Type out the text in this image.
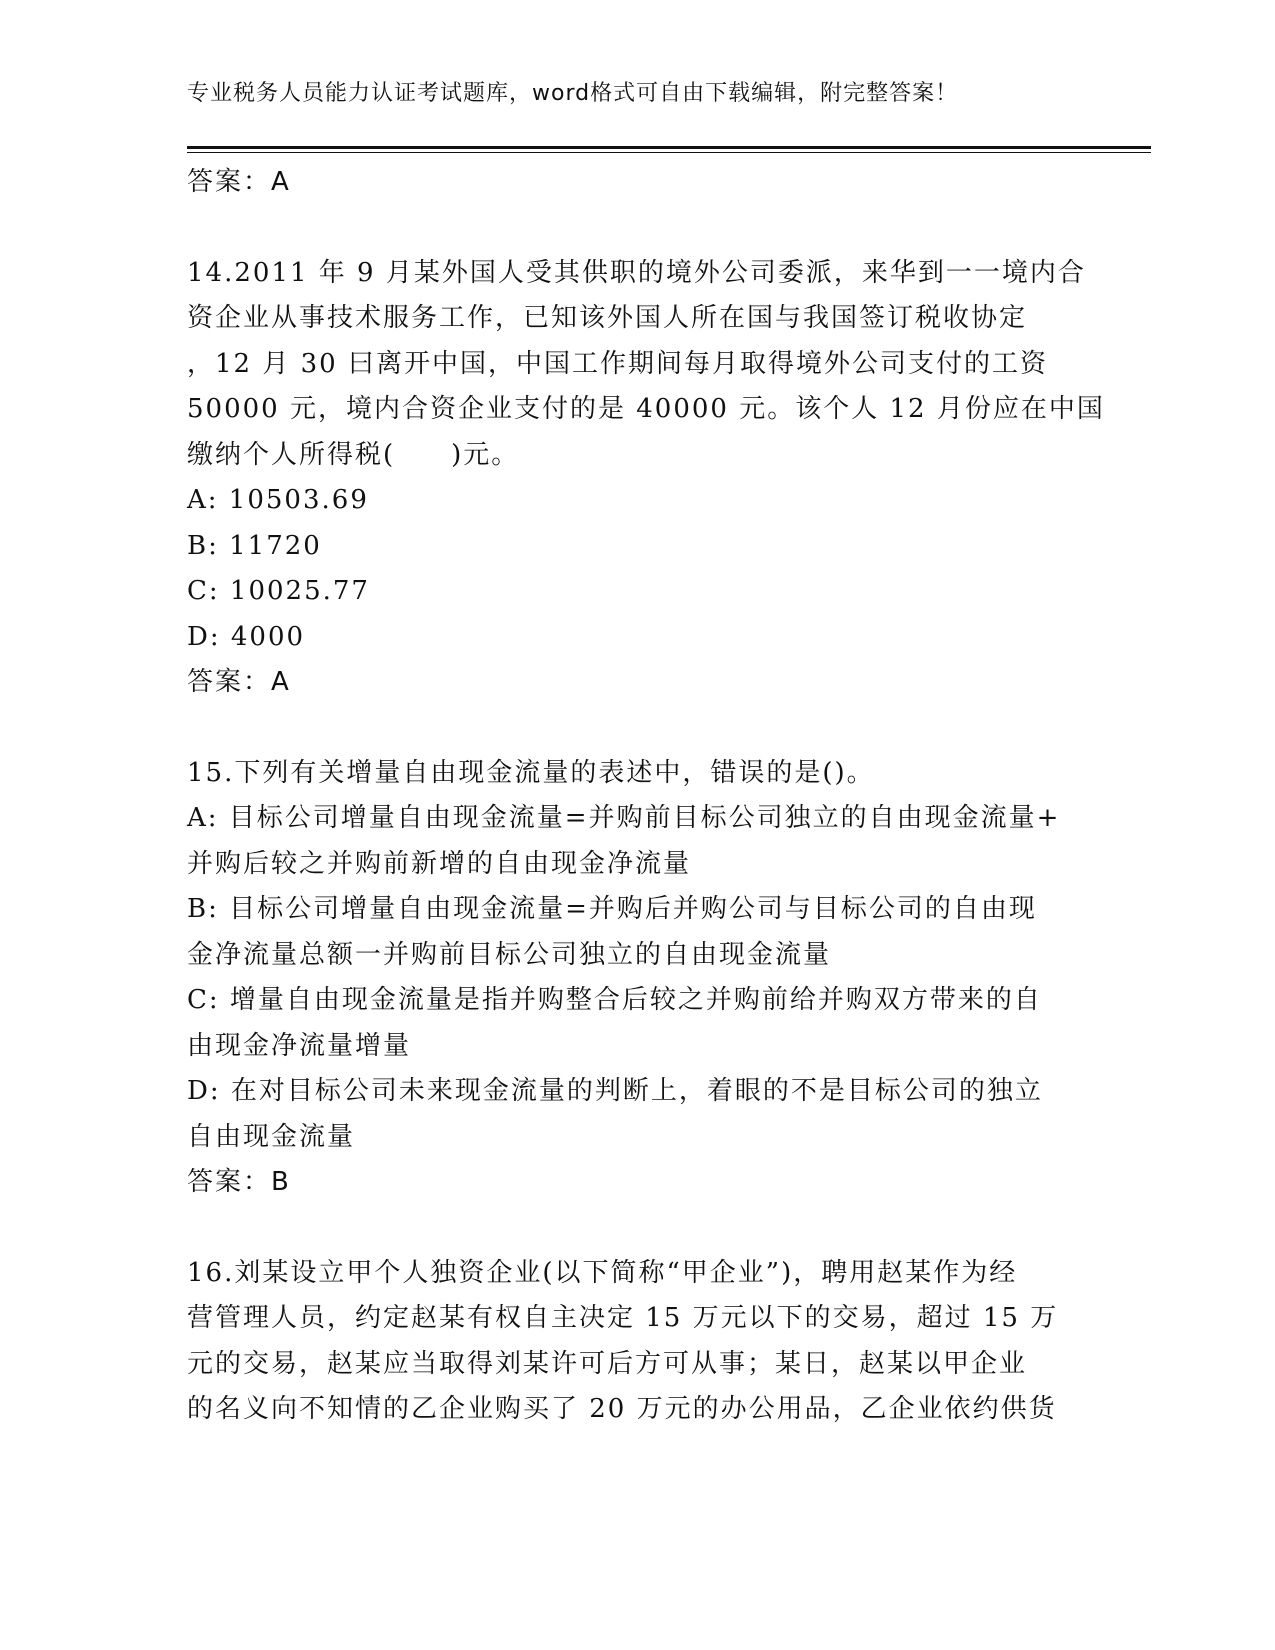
专业税务人员能力认证考试题库，word格式可自由下载编辑，附完整答案！
答案：A
14.2011 年 9 月某外国人受其供职的境外公司委派，来华到一一境内合
资企业从事技术服务工作，已知该外国人所在国与我国签订税收协定
，12 月 30 曰离开中国，中国工作期间每月取得境外公司支付的工资
50000 元，境内合资企业支付的是 40000 元。该个人 12 月份应在中国
缴纳个人所得税(　　)元。
A: 10503.69
B: 11720
C: 10025.77
D: 4000
答案：A
15.下列有关增量自由现金流量的表述中，错误的是()。
A: 目标公司增量自由现金流量=并购前目标公司独立的自由现金流量+
并购后较之并购前新增的自由现金净流量
B: 目标公司增量自由现金流量=并购后并购公司与目标公司的自由现
金净流量总额一并购前目标公司独立的自由现金流量
C: 增量自由现金流量是指并购整合后较之并购前给并购双方带来的自
由现金净流量增量
D: 在对目标公司未来现金流量的判断上，着眼的不是目标公司的独立
自由现金流量
答案：B
16.刘某设立甲个人独资企业(以下简称“甲企业”)，聘用赵某作为经
营管理人员，约定赵某有权自主决定 15 万元以下的交易，超过 15 万
元的交易，赵某应当取得刘某许可后方可从事；某日，赵某以甲企业
的名义向不知情的乙企业购买了 20 万元的办公用品，乙企业依约供货
